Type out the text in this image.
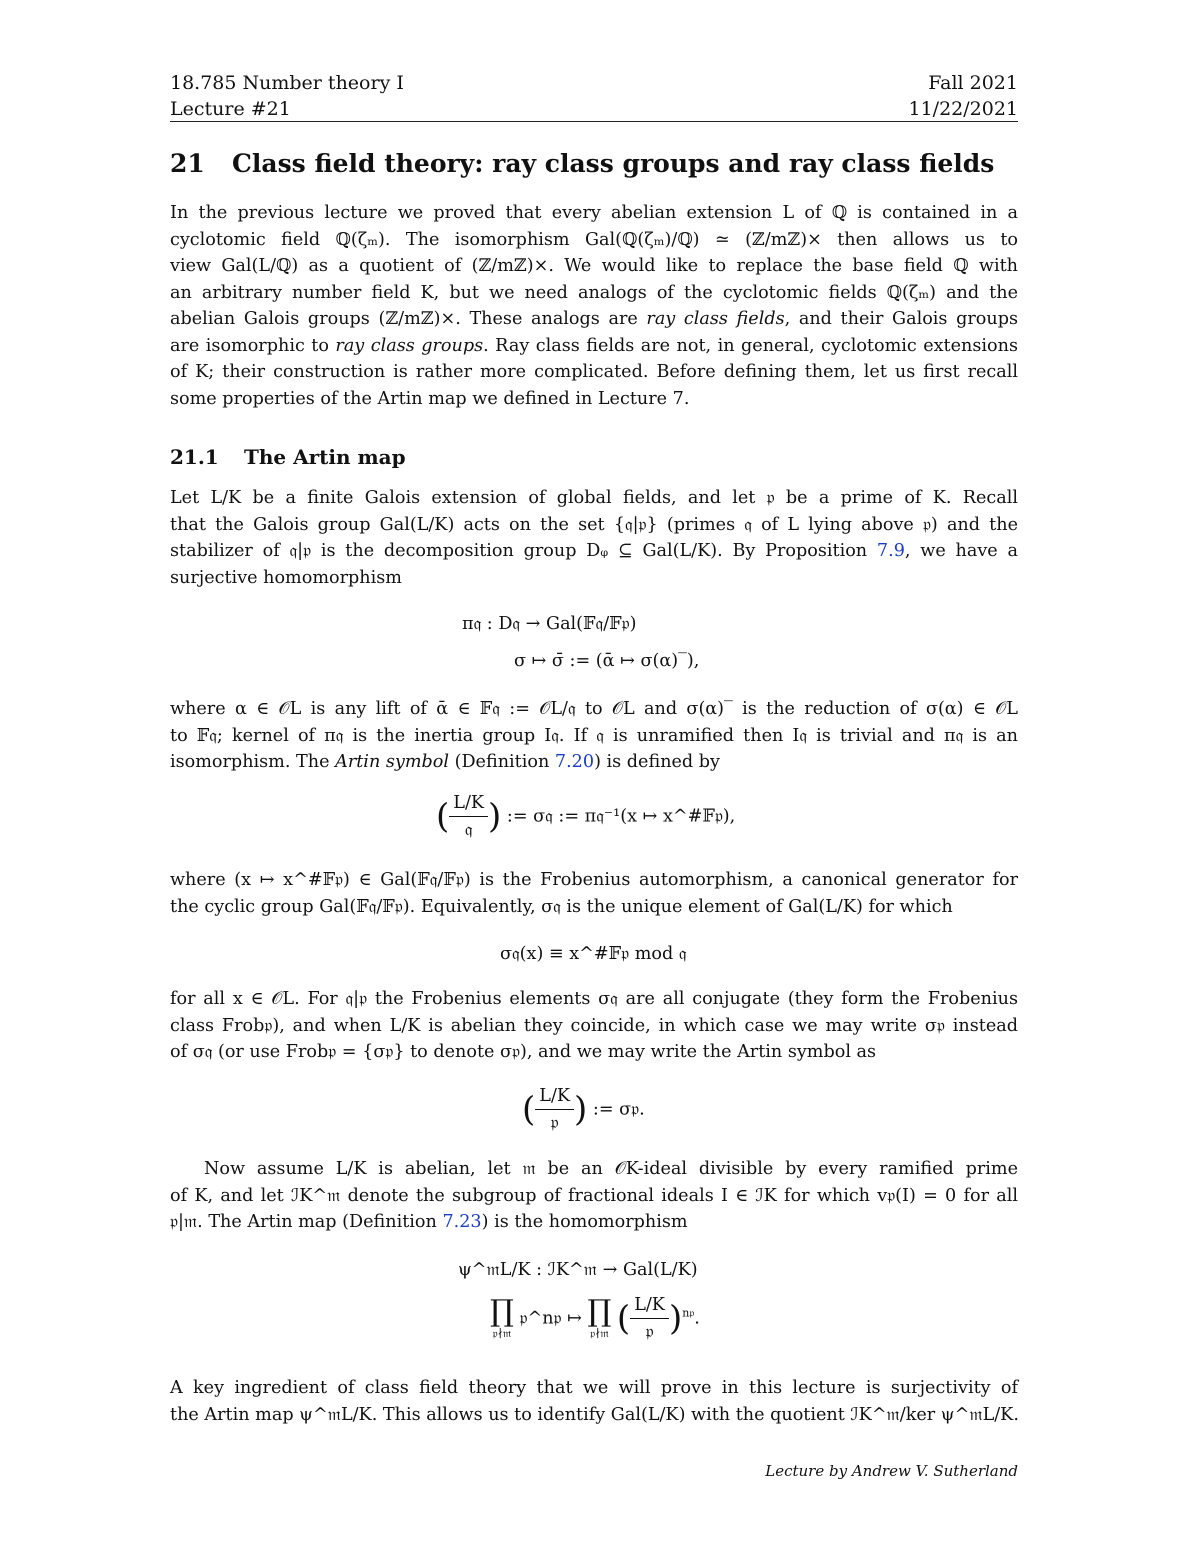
18.785 Number theory I	Fall 2021
Lecture #21	11/22/2021
21 Class field theory: ray class groups and ray class fields
In the previous lecture we proved that every abelian extension L of ℚ is contained in a
cyclotomic field ℚ(ζₘ). The isomorphism Gal(ℚ(ζₘ)/ℚ) ≃ (ℤ/mℤ)× then allows us to
view Gal(L/ℚ) as a quotient of (ℤ/mℤ)×. We would like to replace the base field ℚ with
an arbitrary number field K, but we need analogs of the cyclotomic fields ℚ(ζₘ) and the
abelian Galois groups (ℤ/mℤ)×. These analogs are ray class fields, and their Galois groups
are isomorphic to ray class groups. Ray class fields are not, in general, cyclotomic extensions
of K; their construction is rather more complicated. Before defining them, let us first recall
some properties of the Artin map we defined in Lecture 7.
21.1 The Artin map
Let L/K be a finite Galois extension of global fields, and let 𝔭 be a prime of K. Recall
that the Galois group Gal(L/K) acts on the set {𝔮|𝔭} (primes 𝔮 of L lying above 𝔭) and the
stabilizer of 𝔮|𝔭 is the decomposition group Dᵩ ⊆ Gal(L/K). By Proposition 7.9, we have a
surjective homomorphism
π𝔮 : D𝔮 → Gal(𝔽𝔮/𝔽𝔭)
σ ↦ σ̄ := (ᾱ ↦ σ(α)‾),
where α ∈ 𝒪L is any lift of ᾱ ∈ 𝔽𝔮 := 𝒪L/𝔮 to 𝒪L and σ(α)‾ is the reduction of σ(α) ∈ 𝒪L
to 𝔽𝔮; kernel of π𝔮 is the inertia group I𝔮. If 𝔮 is unramified then I𝔮 is trivial and π𝔮 is an
isomorphism. The Artin symbol (Definition 7.20) is defined by
( $\frac{L/K}{\text{𝔮}}$ ) := σ𝔮 := π𝔮⁻¹(x ↦ x^#𝔽𝔭),
where (x ↦ x^#𝔽𝔭) ∈ Gal(𝔽𝔮/𝔽𝔭) is the Frobenius automorphism, a canonical generator for
the cyclic group Gal(𝔽𝔮/𝔽𝔭). Equivalently, σ𝔮 is the unique element of Gal(L/K) for which
σ𝔮(x) ≡ x^#𝔽𝔭 mod 𝔮
for all x ∈ 𝒪L. For 𝔮|𝔭 the Frobenius elements σ𝔮 are all conjugate (they form the Frobenius
class Frob𝔭), and when L/K is abelian they coincide, in which case we may write σ𝔭 instead
of σ𝔮 (or use Frob𝔭 = {σ𝔭} to denote σ𝔭), and we may write the Artin symbol as
( $\frac{L/K}{\text{𝔭}}$ ) := σ𝔭.
Now assume L/K is abelian, let 𝔪 be an 𝒪K-ideal divisible by every ramified prime
of K, and let ℐK^𝔪 denote the subgroup of fractional ideals I ∈ ℐK for which v𝔭(I) = 0 for all
𝔭|𝔪. The Artin map (Definition 7.23) is the homomorphism
ψ^𝔪L/K : ℐK^𝔪 → Gal(L/K)
∏
𝔭∤𝔪
𝔭^n𝔭 ↦ ∏
𝔭∤𝔪 ( $\frac{L/K}{\text{𝔭}} )^{n𝔭}$.
A key ingredient of class field theory that we will prove in this lecture is surjectivity of
the Artin map ψ^𝔪L/K. This allows us to identify Gal(L/K) with the quotient ℐK^𝔪/ker ψ^𝔪L/K.
Lecture by Andrew V. Sutherland
